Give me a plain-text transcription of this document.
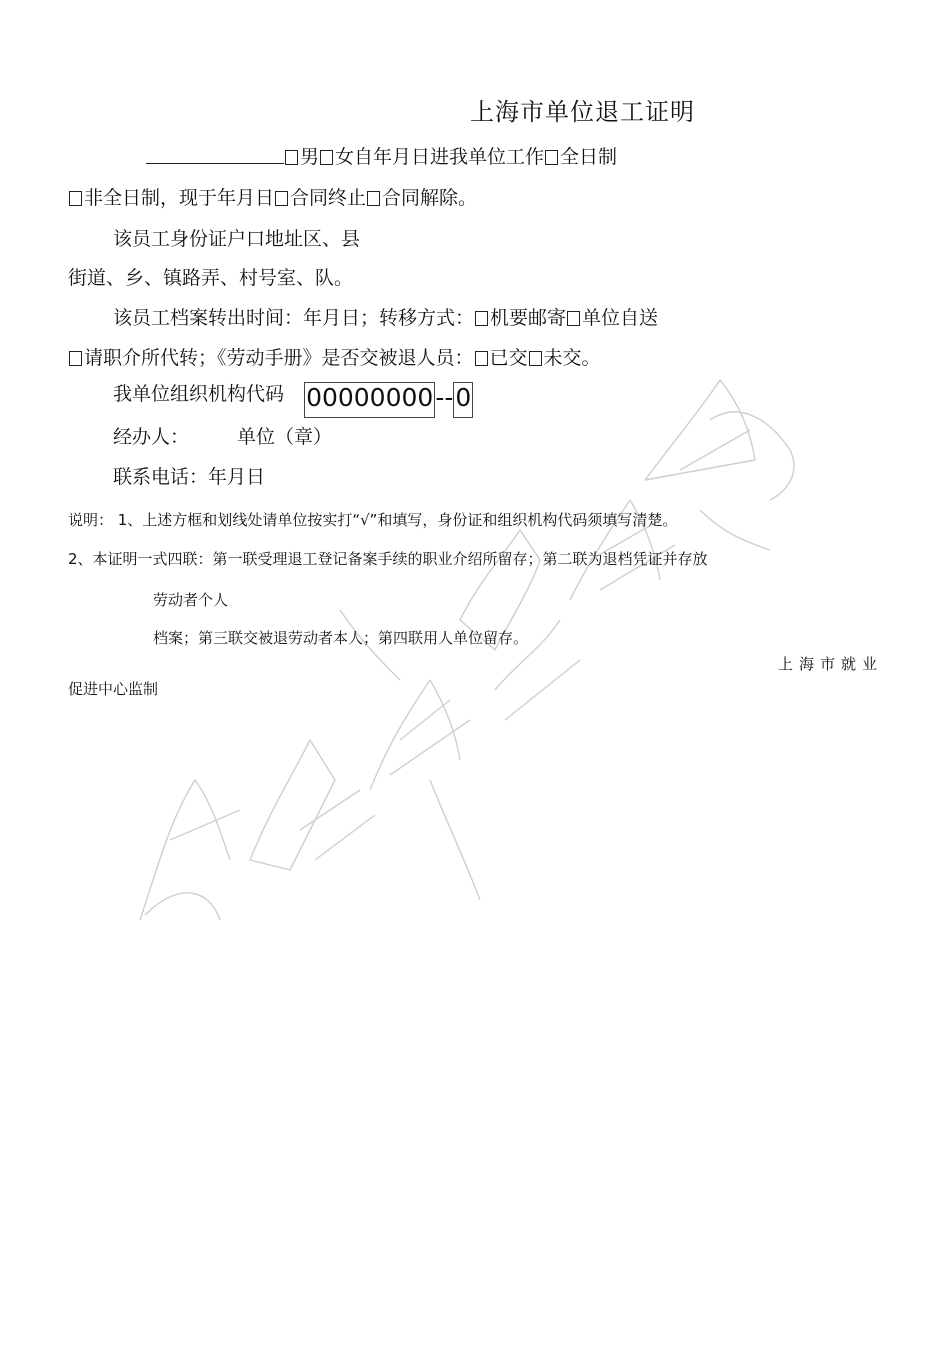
上海市单位退工证明
男 女自年月日进我单位工作 全日制
非全日制，现于年月日 合同终止 合同解除。
该员工身份证户口地址区、县
街道、乡、镇路弄、村号室、队。
该员工档案转出时间：年月日；转移方式： 机要邮寄 单位自送
请职介所代转；《劳动手册》是否交被退人员： 已交 未交。
我单位组织机构代码 00000000--0
经办人：	单位（章）
联系电话：年月日
说明： 1、上述方框和划线处请单位按实打“√”和填写，身份证和组织机构代码须填写清楚。
2、本证明一式四联：第一联受理退工登记备案手续的职业介绍所留存；第二联为退档凭证并存放
劳动者个人
档案；第三联交被退劳动者本人；第四联用人单位留存。
上海市就业
促进中心监制
